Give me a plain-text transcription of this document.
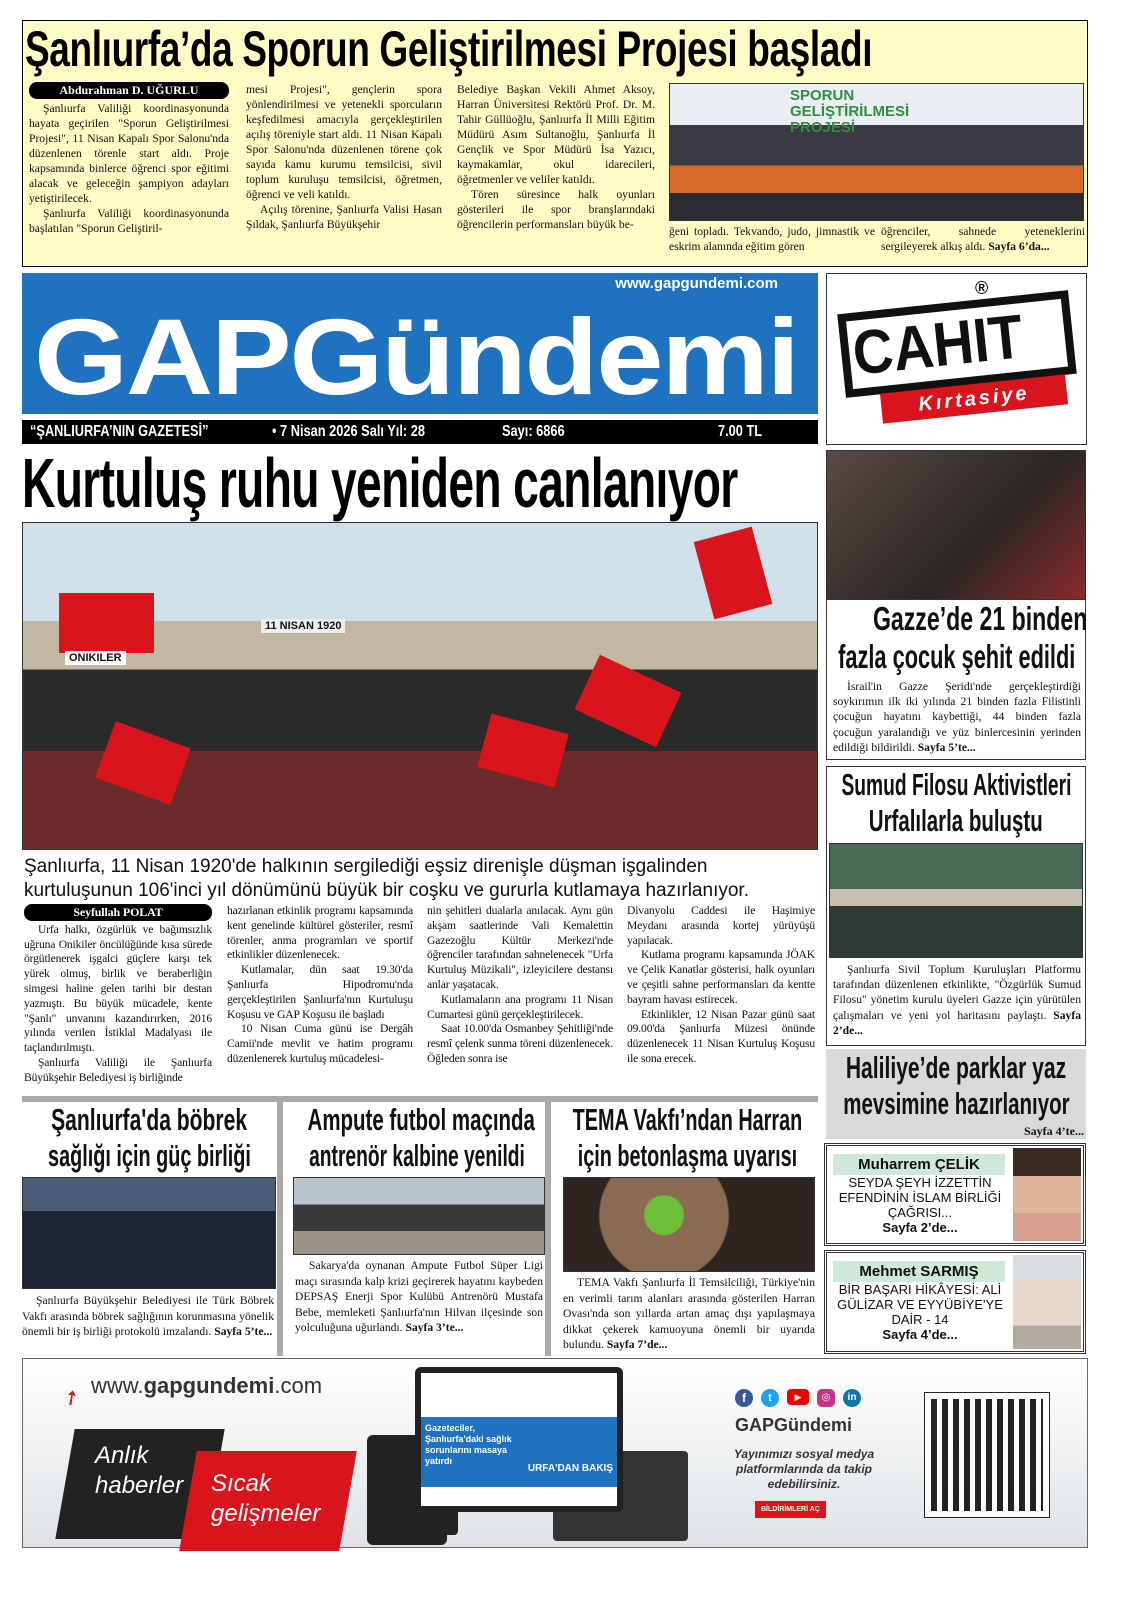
Şanlıurfa’da Sporun Geliştirilmesi Projesi başladı
Abdurahman D. UĞURLU

Şanlıurfa Valiliği koordinasyonunda hayata geçirilen "Sporun Geliştirilmesi Projesi", 11 Nisan Kapalı Spor Salonu'nda düzenlenen törenle start aldı. Proje kapsamında binlerce öğrenci spor eğitimi alacak ve geleceğin şampiyon adayları yetiştirilecek.

Şanlıurfa Valiliği koordinasyonunda başlatılan "Sporun Geliştiril-

mesi Projesi", gençlerin spora yönlendirilmesi ve yetenekli sporcuların keşfedilmesi amacıyla gerçekleştirilen açılış töreniyle start aldı. 11 Nisan Kapalı Spor Salonu'nda düzenlenen törene çok sayıda kamu kurumu temsilcisi, sivil toplum kuruluşu temsilcisi, öğretmen, öğrenci ve veli katıldı.

Açılış törenine, Şanlıurfa Valisi Hasan Şıldak, Şanlıurfa Büyükşehir

Belediye Başkan Vekili Ahmet Aksoy, Harran Üniversitesi Rektörü Prof. Dr. M. Tahir Güllüoğlu, Şanlıurfa İl Milli Eğitim Müdürü Asım Sultanoğlu, Şanlıurfa İl Gençlik ve Spor Müdürü İsa Yazıcı, kaymakamlar, okul idarecileri, öğretmenler ve veliler katıldı.

Tören süresince halk oyunları gösterileri ile spor branşlarındaki öğrencilerin performansları büyük be-

SPORUN GELİŞTİRİLMESİ PROJESİ

ğeni topladı. Tekvando, judo, jimnastik ve eskrim alanında eğitim gören

öğrenciler, sahnede yeteneklerini sergileyerek alkış aldı. Sayfa 6’da...

www.gapgundemi.com
GAPGündemi
“ŞANLIURFA’NIN GAZETESİ”	• 7 Nisan 2026 Salı Yıl: 28	Sayı: 6866	7.00 TL
CAHIT
®
Kırtasiye
Kurtuluş ruhu yeniden canlanıyor
ONIKILER
11 NISAN 1920
Şanlıurfa, 11 Nisan 1920'de halkının sergilediği eşsiz direnişle düşman işgalinden kurtuluşunun 106'inci yıl dönümünü büyük bir coşku ve gururla kutlamaya hazırlanıyor.
Seyfullah POLAT

Urfa halkı, özgürlük ve bağımsızlık uğruna Onikiler öncülüğünde kısa sürede örgütlenerek işgalci güçlere karşı tek yürek olmuş, birlik ve beraberliğin simgesi haline gelen tarihi bir destan yazmıştı. Bu büyük mücadele, kente "Şanlı" unvanını kazandırırken, 2016 yılında verilen İstiklal Madalyası ile taçlandırılmıştı.

Şanlıurfa Valiliği ile Şanlıurfa Büyükşehir Belediyesi iş birliğinde

hazırlanan etkinlik programı kapsamında kent genelinde kültürel gösteriler, resmî törenler, anma programları ve sportif etkinlikler düzenlenecek.

Kutlamalar, dün saat 19.30'da Şanlıurfa Hipodromu'nda gerçekleştirilen Şanlıurfa'nın Kurtuluşu Koşusu ve GAP Koşusu ile başladı

10 Nisan Cuma günü ise Dergâh Camii'nde mevlit ve hatim programı düzenlenerek kurtuluş mücadelesi-

nin şehitleri dualarla anılacak. Aynı gün akşam saatlerinde Vali Kemalettin Gazezoğlu Kültür Merkezi'nde öğrenciler tarafından sahnelenecek "Urfa Kurtuluş Müzikali", izleyicilere destansı anlar yaşatacak.

Kutlamaların ana programı 11 Nisan Cumartesi günü gerçekleştirilecek.

Saat 10.00'da Osmanbey Şehitliği'nde resmî çelenk sunma töreni düzenlenecek. Öğleden sonra ise

Divanyolu Caddesi ile Haşimiye Meydanı arasında kortej yürüyüşü yapılacak.

Kutlama programı kapsamında JÖAK ve Çelik Kanatlar gösterisi, halk oyunları ve çeşitli sahne performansları da kentte bayram havası estirecek.

Etkinlikler, 12 Nisan Pazar günü saat 09.00'da Şanlıurfa Müzesi önünde düzenlenecek 11 Nisan Kurtuluş Koşusu ile sona erecek.

Gazze’de 21 binden
fazla çocuk şehit edildi

İsrail'in Gazze Şeridi'nde gerçekleştirdiği soykırımın ilk iki yılında 21 binden fazla Filistinli çocuğun hayatını kaybettiği, 44 binden fazla çocuğun yaralandığı ve yüz binlercesinin yerinden edildiği bildirildi. Sayfa 5’te...

Sumud Filosu Aktivistleri
Urfalılarla buluştu

Şanlıurfa Sivil Toplum Kuruluşları Platformu tarafından düzenlenen etkinlikte, "Özgürlük Sumud Filosu" yönetim kurulu üyeleri Gazze için yürütülen çalışmaları ve yeni yol haritasını paylaştı. Sayfa 2’de...

Haliliye’de parklar yaz
mevsimine hazırlanıyor
Sayfa 4’te...
Muharrem ÇELİK
SEYDA ŞEYH İZZETTİN EFENDİNİN İSLAM BİRLİĞİ ÇAĞRISI...
Sayfa 2’de...
Mehmet SARMIŞ
BİR BAŞARI HİKÂYESİ: ALİ GÜLİZAR VE EYYÜBİYE'YE DAİR - 14
Sayfa 4’de...
Şanlıurfa'da böbrek
sağlığı için güç birliği

Şanlıurfa Büyükşehir Belediyesi ile Türk Böbrek Vakfı arasında böbrek sağlığının korunmasına yönelik önemli bir iş birliği protokolü imzalandı. Sayfa 5’te...

Ampute futbol maçında
antrenör kalbine yenildi

Sakarya'da oynanan Ampute Futbol Süper Ligi maçı sırasında kalp krizi geçirerek hayatını kaybeden DEPSAŞ Enerji Spor Kulübü Antrenörü Mustafa Bebe, memleketi Şanlıurfa'nın Hilvan ilçesinde son yolculuğuna uğurlandı. Sayfa 3’te...

TEMA Vakfı’ndan Harran
için betonlaşma uyarısı

TEMA Vakfı Şanlıurfa İl Temsilciliği, Türkiye'nin en verimli tarım alanları arasında gösterilen Harran Ovası'nda son yıllarda artan amaç dışı yapılaşmaya dikkat çekerek kamuoyuna önemli bir uyarıda bulundu. Sayfa 7’de...

➚ www.gapgundemi.com
Anlık
haberler Sıcak
gelişmeler
Gazeteciler, Şanlıurfa'daki sağlık sorunlarını masaya yatırdı
URFA'DAN BAKIŞ
f	t	▶	◎	in
GAPGündemi
Yayınımızı sosyal medya platformlarında da takip edebilirsiniz.
BİLDİRİMLERİ AÇ
